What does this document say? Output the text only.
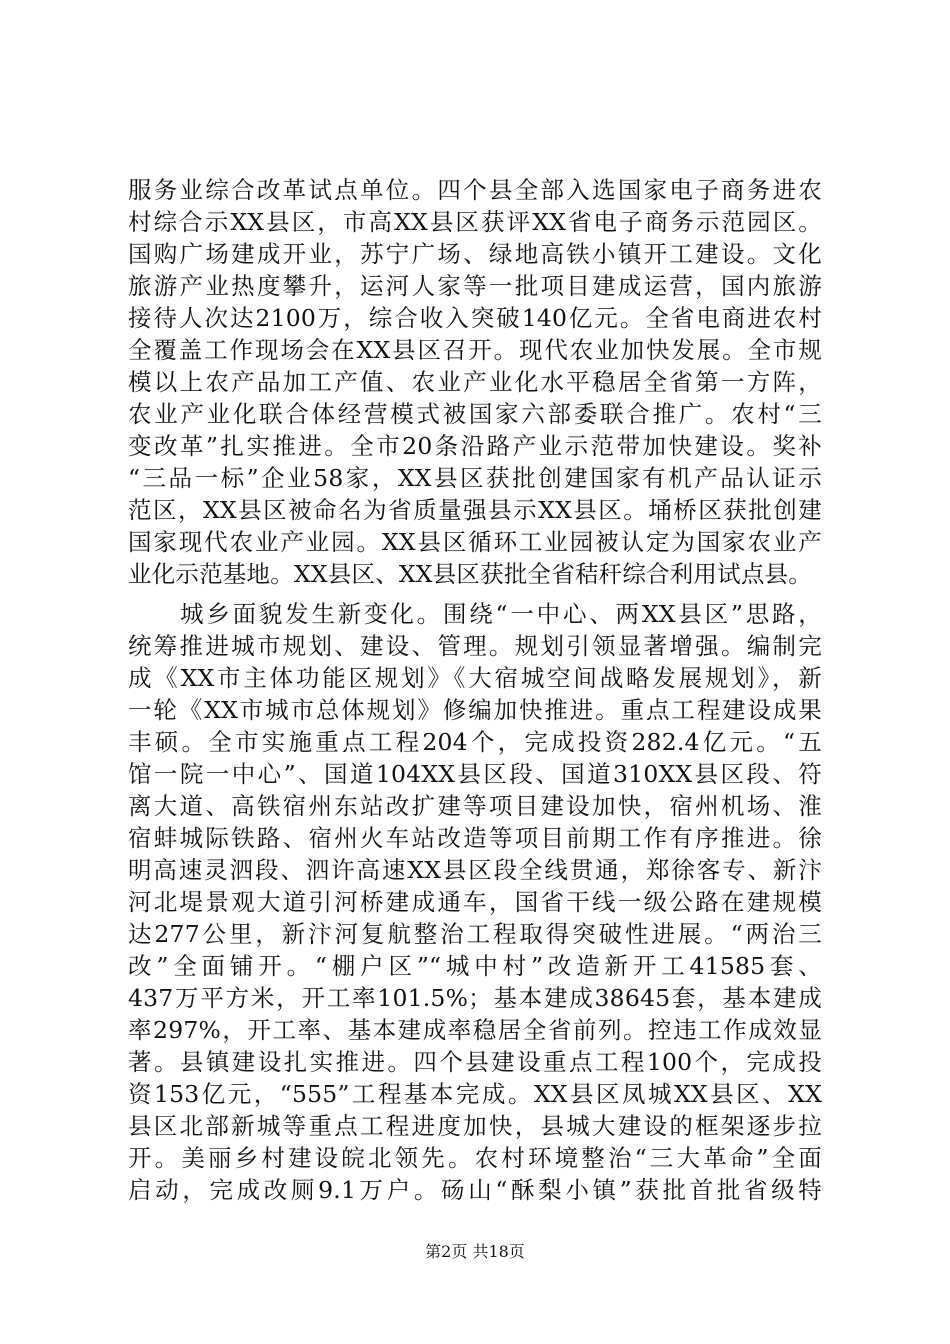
服务业综合改革试点单位。四个县全部入选国家电子商务进农
村综合示XX县区，市高XX县区获评XX省电子商务示范园区。
国购广场建成开业，苏宁广场、绿地高铁小镇开工建设。文化
旅游产业热度攀升，运河人家等一批项目建成运营，国内旅游
接待人次达2100万，综合收入突破140亿元。全省电商进农村
全覆盖工作现场会在XX县区召开。现代农业加快发展。全市规
模以上农产品加工产值、农业产业化水平稳居全省第一方阵，
农业产业化联合体经营模式被国家六部委联合推广。农村“三
变改革”扎实推进。全市20条沿路产业示范带加快建设。奖补
“三品一标”企业58家，XX县区获批创建国家有机产品认证示
范区，XX县区被命名为省质量强县示XX县区。埇桥区获批创建
国家现代农业产业园。XX县区循环工业园被认定为国家农业产
业化示范基地。XX县区、XX县区获批全省秸秆综合利用试点县。
城乡面貌发生新变化。围绕“一中心、两XX县区”思路，
统筹推进城市规划、建设、管理。规划引领显著增强。编制完
成《XX市主体功能区规划》《大宿城空间战略发展规划》，新
一轮《XX市城市总体规划》修编加快推进。重点工程建设成果
丰硕。全市实施重点工程204个，完成投资282.4亿元。“五
馆一院一中心”、国道104XX县区段、国道310XX县区段、符
离大道、高铁宿州东站改扩建等项目建设加快，宿州机场、淮
宿蚌城际铁路、宿州火车站改造等项目前期工作有序推进。徐
明高速灵泗段、泗许高速XX县区段全线贯通，郑徐客专、新汴
河北堤景观大道引河桥建成通车，国省干线一级公路在建规模
达277公里，新汴河复航整治工程取得突破性进展。“两治三
改”全面铺开。“棚户区”“城中村”改造新开工41585套、
437万平方米，开工率101.5%；基本建成38645套，基本建成
率297%，开工率、基本建成率稳居全省前列。控违工作成效显
著。县镇建设扎实推进。四个县建设重点工程100个，完成投
资153亿元，“555”工程基本完成。XX县区凤城XX县区、XX
县区北部新城等重点工程进度加快，县城大建设的框架逐步拉
开。美丽乡村建设皖北领先。农村环境整治“三大革命”全面
启动，完成改厕9.1万户。砀山“酥梨小镇”获批首批省级特
第2页 共18页
